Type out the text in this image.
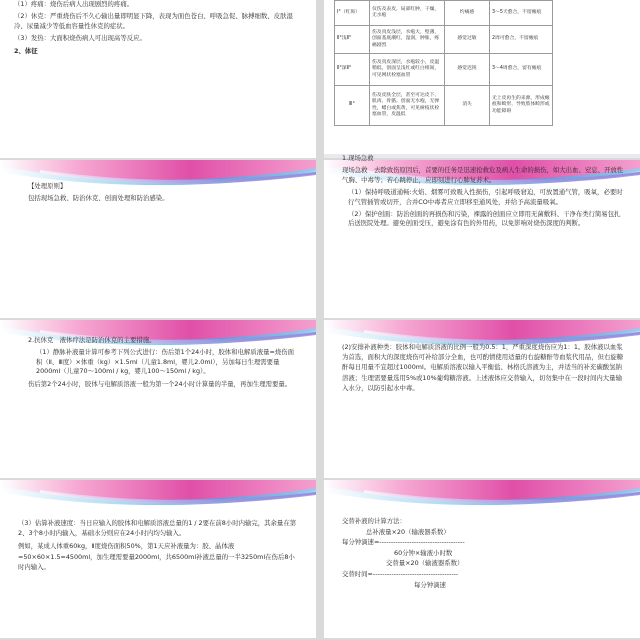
（1）疼痛：烧伤后病人出现剧烈的疼痛。
（2）休克：严重烧伤后不久心输出量即明显下降，表现为面色苍白、呼吸急促、脉搏细数、皮肤湿冷、尿量减少等低血容量性休克的症状。
（3）发热：大面积烧伤病人可出现高等反应。
2、体征
Ⅰ°（红斑）	仅伤及表皮，局部红肿，干燥，无水疱	灼痛感	3～5天愈合，不留瘢痕
Ⅱ°浅Ⅱ°	伤及真皮浅层，水疱大，壁薄，创面基底潮红，湿润，肿胀，疼痛剧烈	感觉过敏	2周可愈合，不留瘢痕
Ⅱ°深Ⅱ°	伤及真皮深层，水疱较小，皮温稍低，创面呈浅红或红白相间，可见网状栓塞血管	感觉迟钝	3～4周愈合，留有瘢痕
Ⅲ°	伤及皮肤全层，甚至可达皮下、肌肉、骨骼。创面无水疱，无弹性，蜡白或焦黄，可见树枝状栓塞血管，皮温低	消失	无上皮再生的来源，形成瘢痕和畸形，导致肢体畸形或功能障碍
【处理原则】
包括现场急救、防治休克、创面处理和防治感染。
1.现场急救
现场急救　去除致伤原因后，首要的任务是迅速抢救危及病人生命的损伤，如大出血、窒息、开放性气胸、中毒等；若心跳停止，应即刻进行心肺复苏术。
（1）保持呼吸道通畅:火焰、烟雾可致吸入性损伤，引起呼吸窘迫，可放置通气管，吸氧，必要时行气管插管或切开，合并CO中毒者应立即移至通风处，并给予高流量吸氧。
（2）保护创面：防治创面的再损伤和污染，裸露的创面应立即用无菌敷料、干净布类行简易包扎后送医院处理。避免创面受压，避免涂有色的外用药，以免影响对烧伤深度的判断。
2.抗休克　液体疗法是防治休克的主要措施。
（1）静脉补液量计算可参考下列公式进行：伤后第1个24小时，胶体和电解质液量=烧伤面积（Ⅱ、Ⅲ度）×体重（kg）×1.5ml（儿童1.8ml，婴儿2.0ml），另加每日生理需要量2000ml（儿童70～100ml / kg，婴儿100～150ml / kg）。
伤后第2个24小时，胶体与电解质溶液一般为第一个24小时计算量的半量，再加生理需要量。
(2)安排补液种类：胶体和电解质溶液的比例一般为0.5：1，严重深度烧伤应为1：1。胶体液以血浆为首选，面积大的深度烧伤可补给部分全血，也可酌情使用适量的右旋糖酐等血浆代用品，但右旋糖酐每日用量不宜超过1000ml。电解质溶液以输入平衡盐、林格氏溶液为主，并适当的补充碳酸氢钠溶液；生理需要量选用5%或10%葡萄糖溶液。上述液体应交替输入，切勿集中在一段时间内大量输入水分，以防引起水中毒。
（3）估算补液速度：当日应输入的胶体和电解质溶液总量的1 / 2要在前8小时内输完，其余量在第2、3个8小时内输入，基础水分则应在24小时内均匀输入。
例如，某成人体重60kg，Ⅱ度烧伤面积50%，第1天应补液量为：胶、晶体液=50×60×1.5=4500ml，加生理需要量2000ml，共6500ml补液总量的一半3250ml在伤后8小时内输入。
交替补液的计算方法：
总补液量×20（输液器系数）
每分钟滴速=-------------------------------------
60分钟×输液小时数
交替量×20（输液器系数）
交替时间=-------------------------------------
每分钟滴速
